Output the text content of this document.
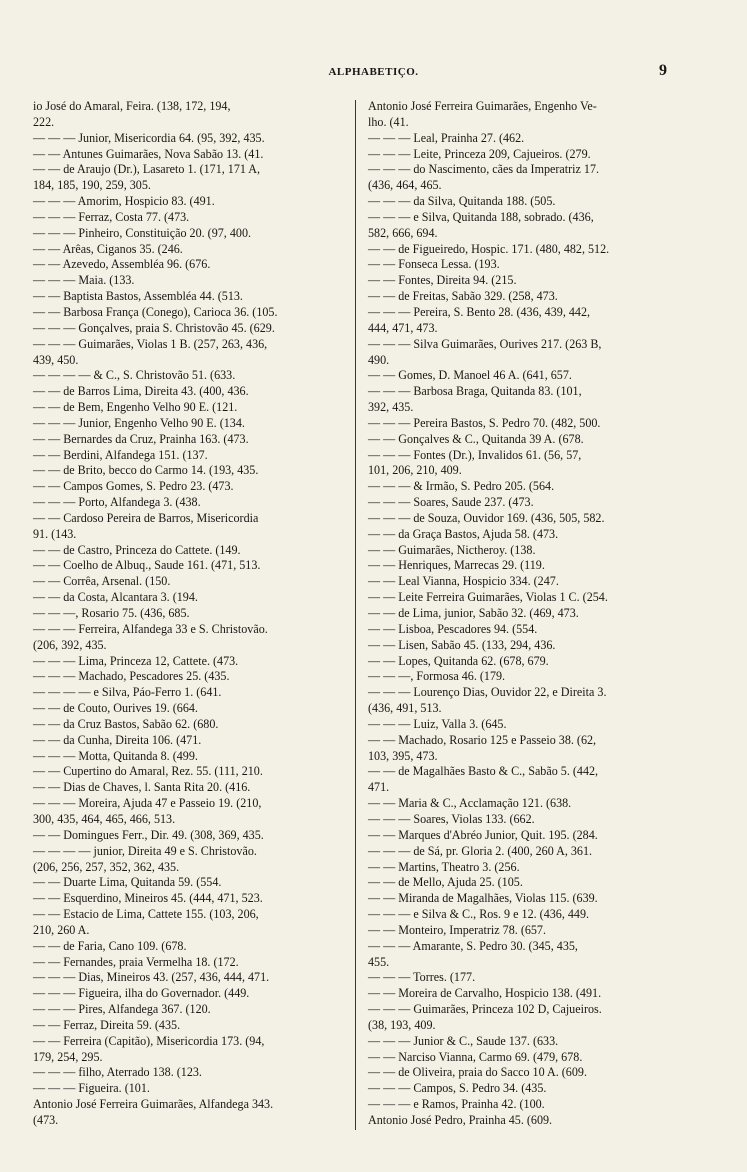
ALPHABETIÇO.	9
io José do Amaral, Feira. (138, 172, 194,
222.
— — — Junior, Misericordia 64. (95, 392, 435.
— — Antunes Guimarães, Nova Sabão 13. (41.
— — de Araujo (Dr.), Lasareto 1. (171, 171 A,
184, 185, 190, 259, 305.
— — — Amorim, Hospicio 83. (491.
— — — Ferraz, Costa 77. (473.
— — — Pinheiro, Constituição 20. (97, 400.
— — Arêas, Ciganos 35. (246.
— — Azevedo, Assembléa 96. (676.
— — — Maia. (133.
— — Baptista Bastos, Assembléa 44. (513.
— — Barbosa França (Conego), Carioca 36. (105.
— — — Gonçalves, praia S. Christovão 45. (629.
— — — Guimarães, Violas 1 B. (257, 263, 436,
439, 450.
— — — — & C., S. Christovão 51. (633.
— — de Barros Lima, Direita 43. (400, 436.
— — de Bem, Engenho Velho 90 E. (121.
— — — Junior, Engenho Velho 90 E. (134.
— — Bernardes da Cruz, Prainha 163. (473.
— — Berdini, Alfandega 151. (137.
— — de Brito, becco do Carmo 14. (193, 435.
— — Campos Gomes, S. Pedro 23. (473.
— — — Porto, Alfandega 3. (438.
— — Cardoso Pereira de Barros, Misericordia
91. (143.
— — de Castro, Princeza do Cattete. (149.
— — Coelho de Albuq., Saude 161. (471, 513.
— — Corrêa, Arsenal. (150.
— — da Costa, Alcantara 3. (194.
— — —, Rosario 75. (436, 685.
— — — Ferreira, Alfandega 33 e S. Christovão.
(206, 392, 435.
— — — Lima, Princeza 12, Cattete. (473.
— — — Machado, Pescadores 25. (435.
— — — — e Silva, Páo-Ferro 1. (641.
— — de Couto, Ourives 19. (664.
— — da Cruz Bastos, Sabão 62. (680.
— — da Cunha, Direita 106. (471.
— — — Motta, Quitanda 8. (499.
— — Cupertino do Amaral, Rez. 55. (111, 210.
— — Dias de Chaves, l. Santa Rita 20. (416.
— — — Moreira, Ajuda 47 e Passeio 19. (210,
300, 435, 464, 465, 466, 513.
— — Domingues Ferr., Dir. 49. (308, 369, 435.
— — — — junior, Direita 49 e S. Christovão.
(206, 256, 257, 352, 362, 435.
— — Duarte Lima, Quitanda 59. (554.
— — Esquerdino, Mineiros 45. (444, 471, 523.
— — Estacio de Lima, Cattete 155. (103, 206,
210, 260 A.
— — de Faria, Cano 109. (678.
— — Fernandes, praia Vermelha 18. (172.
— — — Dias, Mineiros 43. (257, 436, 444, 471.
— — — Figueira, ilha do Governador. (449.
— — — Pires, Alfandega 367. (120.
— — Ferraz, Direita 59. (435.
— — Ferreira (Capitão), Misericordia 173. (94,
179, 254, 295.
— — — filho, Aterrado 138. (123.
— — — Figueira. (101.
Antonio José Ferreira Guimarães, Alfandega 343.
(473.
Antonio José Ferreira Guimarães, Engenho Ve-
lho. (41.
— — — Leal, Prainha 27. (462.
— — — Leite, Princeza 209, Cajueiros. (279.
— — — do Nascimento, cães da Imperatriz 17.
(436, 464, 465.
— — — da Silva, Quitanda 188. (505.
— — — e Silva, Quitanda 188, sobrado. (436,
582, 666, 694.
— — de Figueiredo, Hospic. 171. (480, 482, 512.
— — Fonseca Lessa. (193.
— — Fontes, Direita 94. (215.
— — de Freitas, Sabão 329. (258, 473.
— — — Pereira, S. Bento 28. (436, 439, 442,
444, 471, 473.
— — — Silva Guimarães, Ourives 217. (263 B,
490.
— — Gomes, D. Manoel 46 A. (641, 657.
— — — Barbosa Braga, Quitanda 83. (101,
392, 435.
— — — Pereira Bastos, S. Pedro 70. (482, 500.
— — Gonçalves & C., Quitanda 39 A. (678.
— — — Fontes (Dr.), Invalidos 61. (56, 57,
101, 206, 210, 409.
— — — & Irmão, S. Pedro 205. (564.
— — — Soares, Saude 237. (473.
— — — de Souza, Ouvidor 169. (436, 505, 582.
— — da Graça Bastos, Ajuda 58. (473.
— — Guimarães, Nictheroy. (138.
— — Henriques, Marrecas 29. (119.
— — Leal Vianna, Hospicio 334. (247.
— — Leite Ferreira Guimarães, Violas 1 C. (254.
— — de Lima, junior, Sabão 32. (469, 473.
— — Lisboa, Pescadores 94. (554.
— — Lisen, Sabão 45. (133, 294, 436.
— — Lopes, Quitanda 62. (678, 679.
— — —, Formosa 46. (179.
— — — Lourenço Dias, Ouvidor 22, e Direita 3.
(436, 491, 513.
— — — Luiz, Valla 3. (645.
— — Machado, Rosario 125 e Passeio 38. (62,
103, 395, 473.
— — de Magalhães Basto & C., Sabão 5. (442,
471.
— — Maria & C., Acclamação 121. (638.
— — — Soares, Violas 133. (662.
— — Marques d'Abréo Junior, Quit. 195. (284.
— — — de Sá, pr. Gloria 2. (400, 260 A, 361.
— — Martins, Theatro 3. (256.
— — de Mello, Ajuda 25. (105.
— — Miranda de Magalhães, Violas 115. (639.
— — — e Silva & C., Ros. 9 e 12. (436, 449.
— — Monteiro, Imperatriz 78. (657.
— — — Amarante, S. Pedro 30. (345, 435,
455.
— — — Torres. (177.
— — Moreira de Carvalho, Hospicio 138. (491.
— — — Guimarães, Princeza 102 D, Cajueiros.
(38, 193, 409.
— — — Junior & C., Saude 137. (633.
— — Narciso Vianna, Carmo 69. (479, 678.
— — de Oliveira, praia do Sacco 10 A. (609.
— — — Campos, S. Pedro 34. (435.
— — — e Ramos, Prainha 42. (100.
Antonio José Pedro, Prainha 45. (609.
